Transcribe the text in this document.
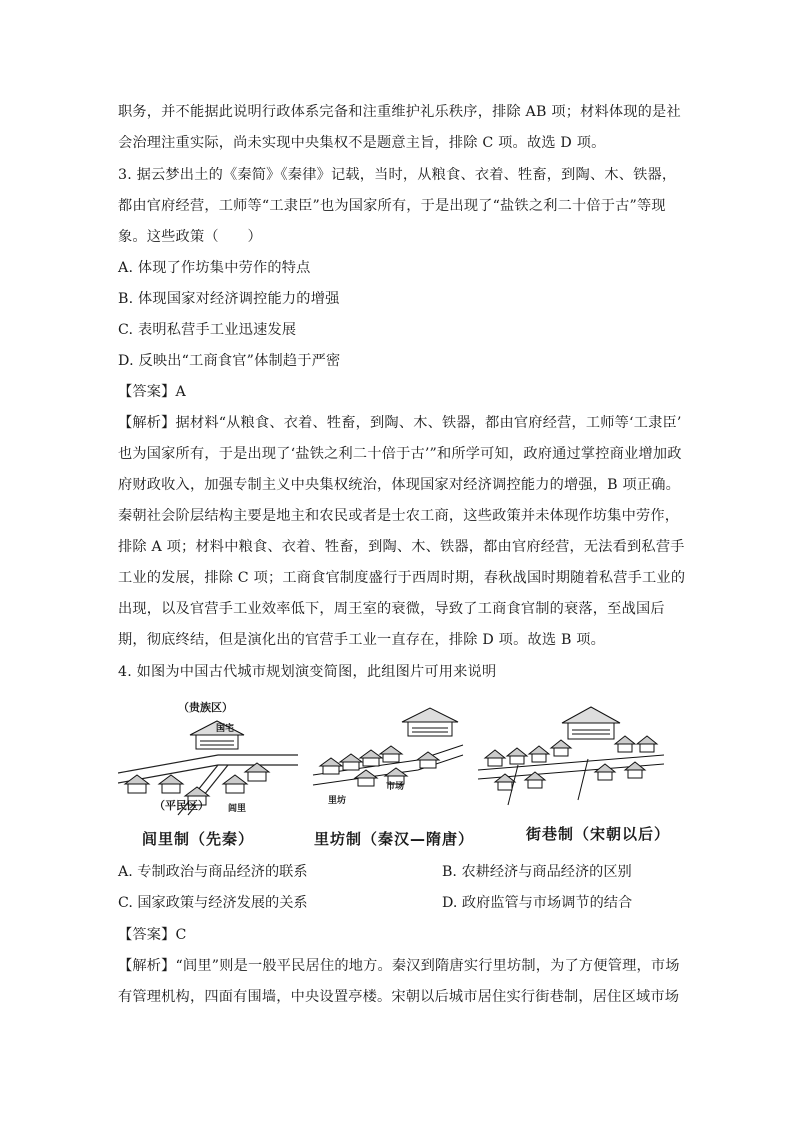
职务，并不能据此说明行政体系完备和注重维护礼乐秩序，排除 AB 项；材料体现的是社
会治理注重实际，尚未实现中央集权不是题意主旨，排除 C 项。故选 D 项。
3. 据云梦出土的《秦简》《秦律》记载，当时，从粮食、衣着、牲畜，到陶、木、铁器，
都由官府经营，工师等“工隶臣”也为国家所有，于是出现了“盐铁之利二十倍于古”等现
象。这些政策（　　）
A. 体现了作坊集中劳作的特点
B. 体现国家对经济调控能力的增强
C. 表明私营手工业迅速发展
D. 反映出“工商食官”体制趋于严密
【答案】A
【解析】据材料“从粮食、衣着、牲畜，到陶、木、铁器，都由官府经营，工师等‘工隶臣’
也为国家所有，于是出现了‘盐铁之利二十倍于古’”和所学可知，政府通过掌控商业增加政
府财政收入，加强专制主义中央集权统治，体现国家对经济调控能力的增强，B 项正确。
秦朝社会阶层结构主要是地主和农民或者是士农工商，这些政策并未体现作坊集中劳作，
排除 A 项；材料中粮食、衣着、牲畜，到陶、木、铁器，都由官府经营，无法看到私营手
工业的发展，排除 C 项；工商食官制度盛行于西周时期，春秋战国时期随着私营手工业的
出现，以及官营手工业效率低下，周王室的衰微，导致了工商食官制的衰落，至战国后
期，彻底终结，但是演化出的官营手工业一直存在，排除 D 项。故选 B 项。
4. 如图为中国古代城市规划演变简图，此组图片可用来说明
（贵族区）
国宅
（平民区） 闾里
里坊
市场
闾里制（先秦）	里坊制（秦汉—隋唐）	街巷制（宋朝以后）
A. 专制政治与商品经济的联系	B. 农耕经济与商品经济的区别
C. 国家政策与经济发展的关系	D. 政府监管与市场调节的结合
【答案】C
【解析】“闾里”则是一般平民居住的地方。秦汉到隋唐实行里坊制，为了方便管理，市场
有管理机构，四面有围墙，中央设置亭楼。宋朝以后城市居住实行街巷制，居住区域市场
